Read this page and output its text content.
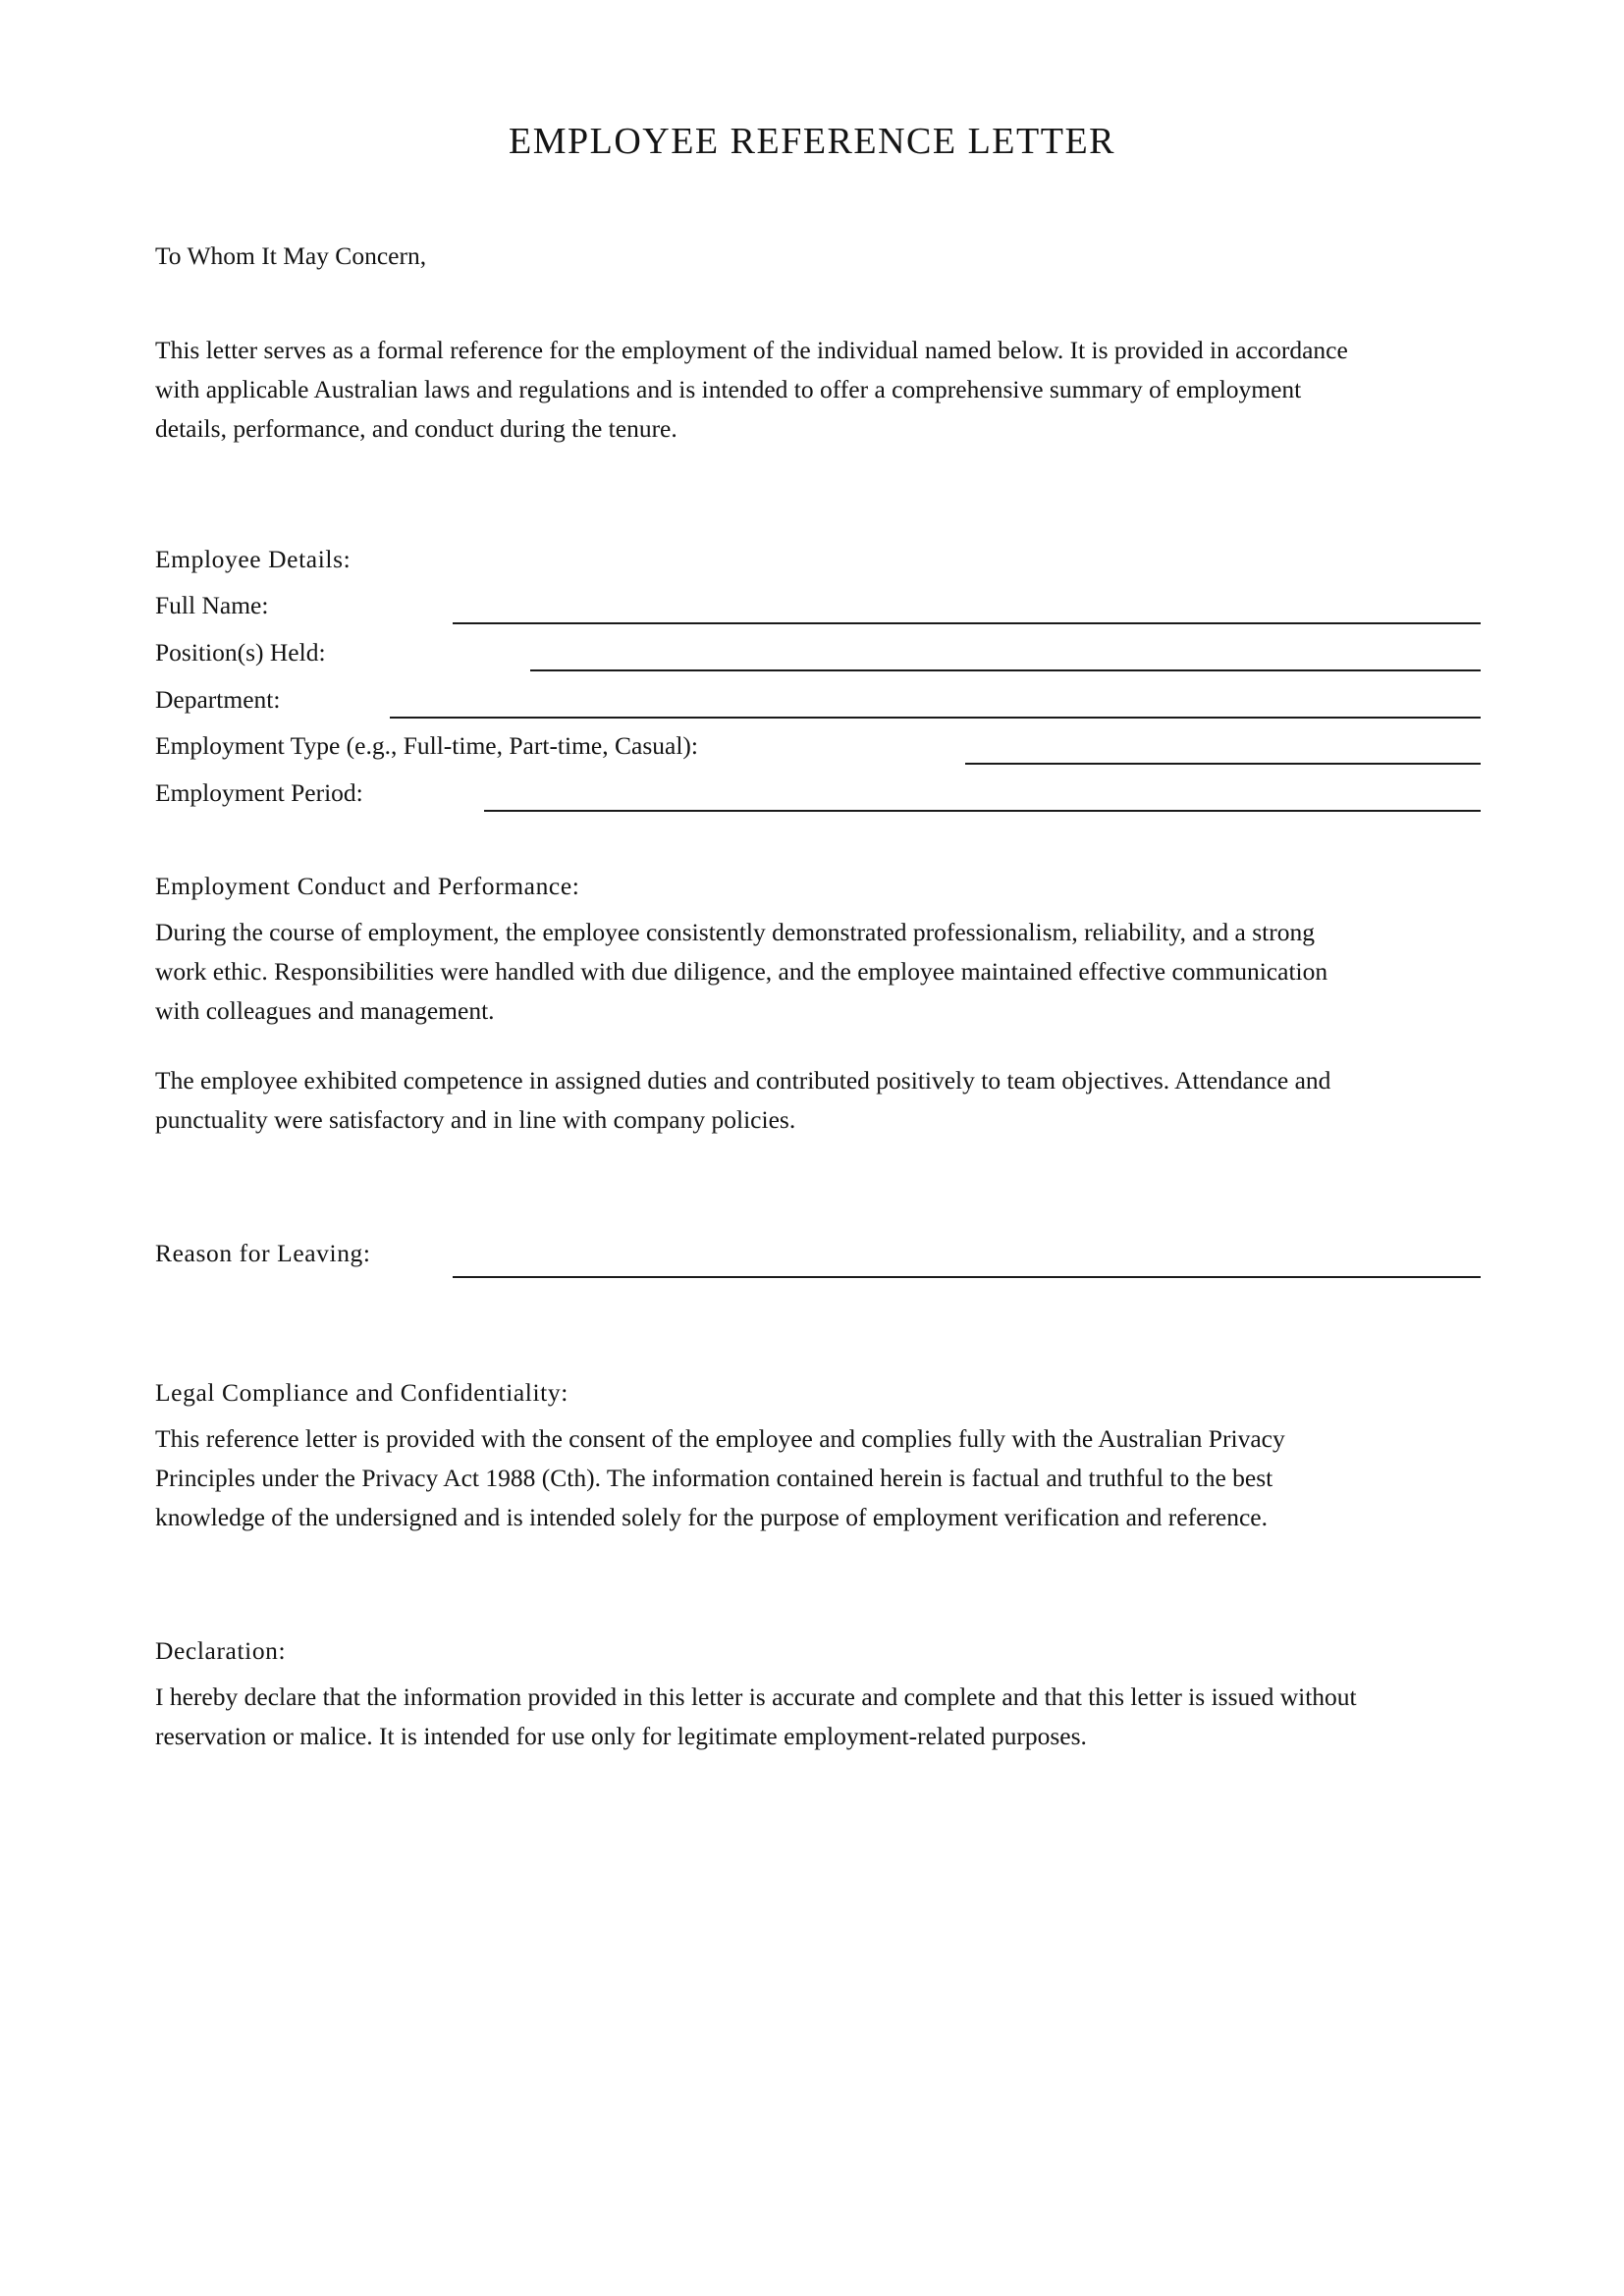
EMPLOYEE REFERENCE LETTER
To Whom It May Concern,
This letter serves as a formal reference for the employment of the individual named below. It is provided in accordance
with applicable Australian laws and regulations and is intended to offer a comprehensive summary of employment
details, performance, and conduct during the tenure.
Employee Details:
Full Name:
Position(s) Held:
Department:
Employment Type (e.g., Full-time, Part-time, Casual):
Employment Period:
Employment Conduct and Performance:
During the course of employment, the employee consistently demonstrated professionalism, reliability, and a strong
work ethic. Responsibilities were handled with due diligence, and the employee maintained effective communication
with colleagues and management.
The employee exhibited competence in assigned duties and contributed positively to team objectives. Attendance and
punctuality were satisfactory and in line with company policies.
Reason for Leaving:
Legal Compliance and Confidentiality:
This reference letter is provided with the consent of the employee and complies fully with the Australian Privacy
Principles under the Privacy Act 1988 (Cth). The information contained herein is factual and truthful to the best
knowledge of the undersigned and is intended solely for the purpose of employment verification and reference.
Declaration:
I hereby declare that the information provided in this letter is accurate and complete and that this letter is issued without
reservation or malice. It is intended for use only for legitimate employment-related purposes.
